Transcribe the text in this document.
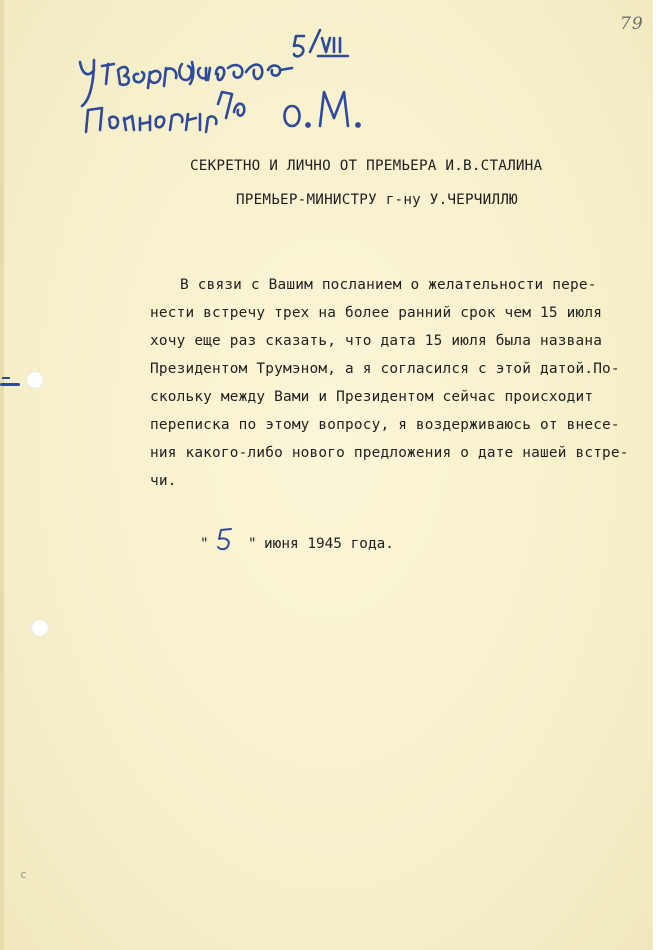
79
СЕКРЕТНО И ЛИЧНО ОТ ПРЕМЬЕРА И.В.СТАЛИНА
ПРЕМЬЕР-МИНИСТРУ г-ну У.ЧЕРЧИЛЛЮ
В связи с Вашим посланием о желательности пере-
нести встречу трех на более ранний срок чем 15 июля
хочу еще раз сказать, что дата 15 июля была названа
Президентом Трумэном, а я согласился с этой датой.По-
скольку между Вами и Президентом сейчас происходит
переписка по этому вопросу, я воздерживаюсь от внесе-
ния какого-либо нового предложения о дате нашей встре-
чи.
"	" июня 1945 года.
c
